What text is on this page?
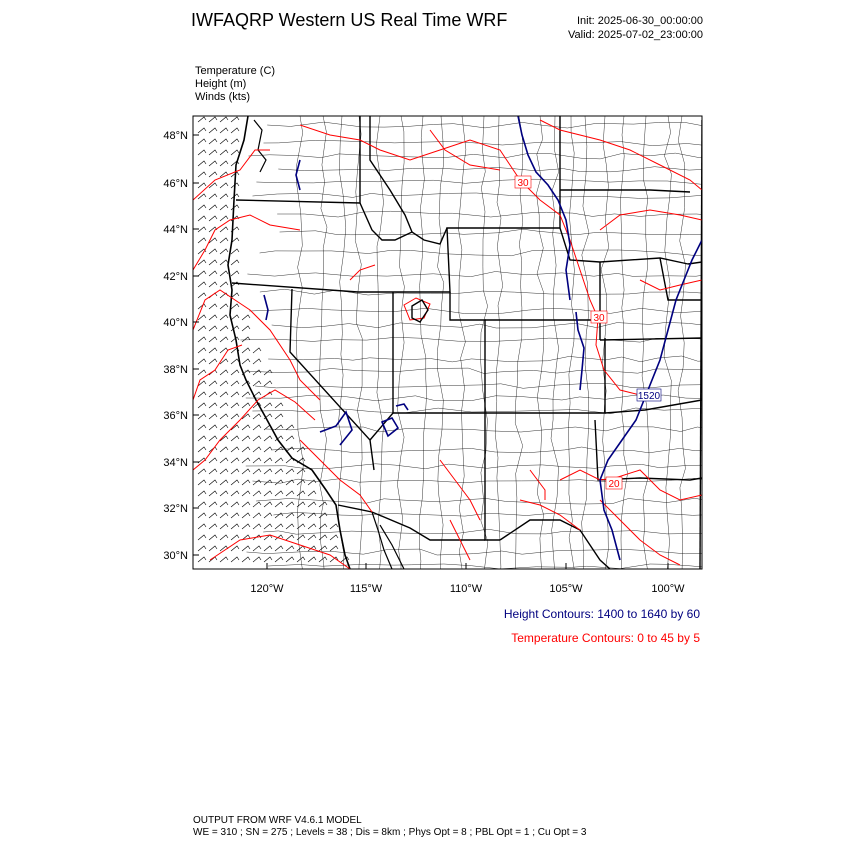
IWFAQRP Western US Real Time WRF	Init: 2025-06-30_00:00:00
Valid: 2025-07-02_23:00:00
Temperature (C)
Height (m)
Winds (kts)
30
30
1520
20
48°N
46°N
44°N
42°N
40°N
38°N
36°N
34°N
32°N
30°N
120°W	115°W	110°W	105°W	100°W
Height Contours: 1400 to 1640 by 60
Temperature Contours: 0 to 45 by 5
OUTPUT FROM WRF V4.6.1 MODEL
WE = 310 ; SN = 275 ; Levels = 38 ; Dis = 8km ; Phys Opt = 8 ; PBL Opt = 1 ; Cu Opt = 3
